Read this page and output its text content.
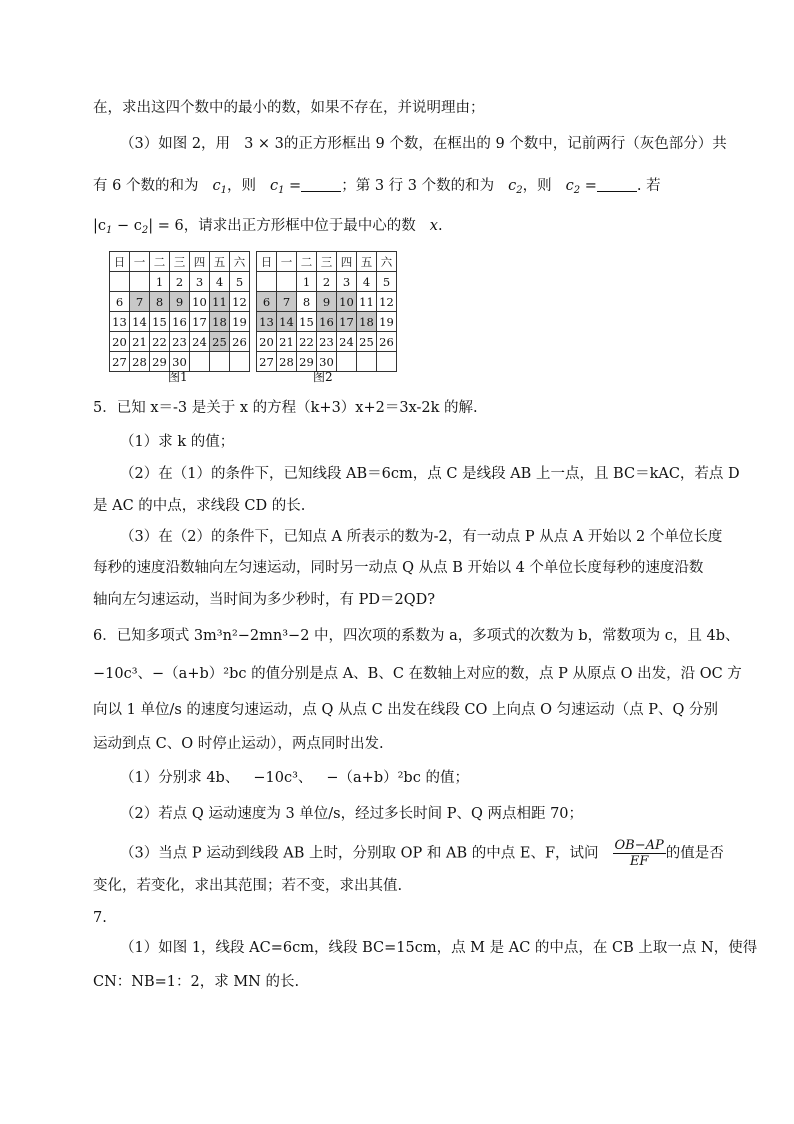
在，求出这四个数中的最小的数，如果不存在，并说明理由；
（3）如图 2，用 3 × 3的正方形框出 9 个数，在框出的 9 个数中，记前两行（灰色部分）共
有 6 个数的和为 $c_1$，则 $c_1$ =	；第 3 行 3 个数的和为 $c_2$，则 $c_2$ =	. 若
$|c_1 - c_2| = 6$，请求出正方形框中位于最中心的数 x.
日	一	二	三	四	五	六
		1	2	3	4	5
6	7	8	9	10	11	12
13	14	15	16	17	18	19
20	21	22	23	24	25	26
27	28	29	30			
图1
日	一	二	三	四	五	六
		1	2	3	4	5
6	7	8	9	10	11	12
13	14	15	16	17	18	19
20	21	22	23	24	25	26
27	28	29	30			
图2
5．已知 x＝-3 是关于 x 的方程（k+3）x+2＝3x-2k 的解.
（1）求 k 的值；
（2）在（1）的条件下，已知线段 AB＝6cm，点 C 是线段 AB 上一点，且 BC＝kAC，若点 D
是 AC 的中点，求线段 CD 的长.
（3）在（2）的条件下，已知点 A 所表示的数为-2，有一动点 P 从点 A 开始以 2 个单位长度
每秒的速度沿数轴向左匀速运动，同时另一动点 Q 从点 B 开始以 4 个单位长度每秒的速度沿数
轴向左匀速运动，当时间为多少秒时，有 PD＝2QD?
6．已知多项式 3m³n²−2mn³−2 中，四次项的系数为 a，多项式的次数为 b，常数项为 c，且 4b、
−10c³、−（a+b）²bc 的值分别是点 A、B、C 在数轴上对应的数，点 P 从原点 O 出发，沿 OC 方
向以 1 单位/s 的速度匀速运动，点 Q 从点 C 出发在线段 CO 上向点 O 匀速运动（点 P、Q 分别
运动到点 C、O 时停止运动），两点同时出发.
（1）分别求 4b、 −10c³、 −（a+b）²bc 的值；
（2）若点 Q 运动速度为 3 单位/s，经过多长时间 P、Q 两点相距 70；
（3）当点 P 运动到线段 AB 上时，分别取 OP 和 AB 的中点 E、F，试问 $\frac{OB-AP}{EF}$ 的值是否
变化，若变化，求出其范围；若不变，求出其值.
7.
（1）如图 1，线段 AC=6cm，线段 BC=15cm，点 M 是 AC 的中点，在 CB 上取一点 N，使得
CN：NB=1：2，求 MN 的长.
